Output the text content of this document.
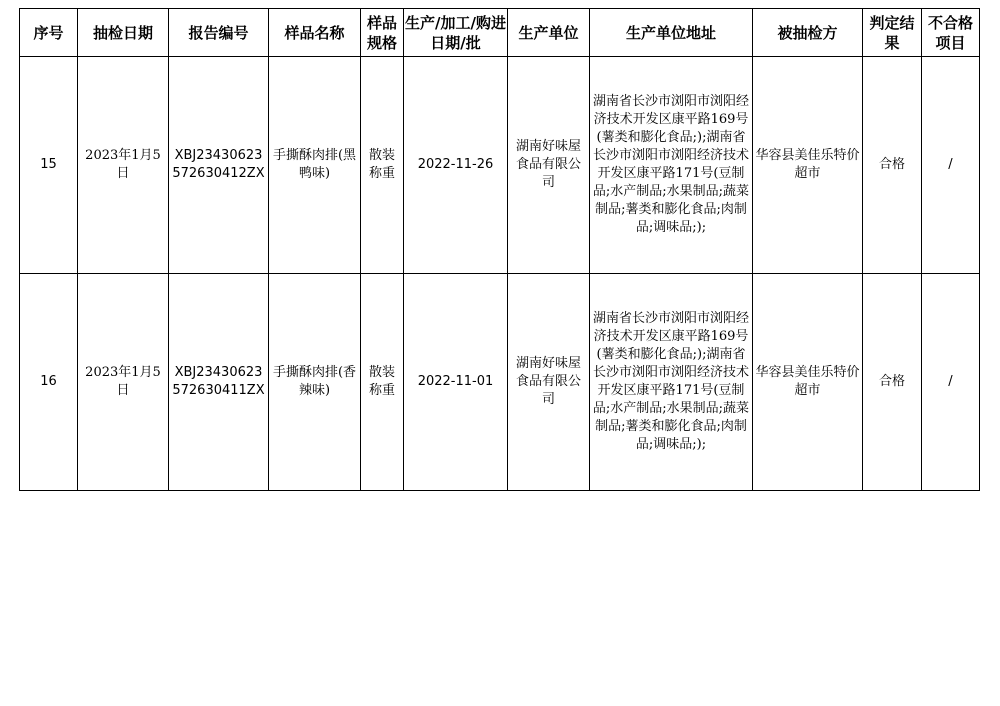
序号	抽检日期	报告编号	样品名称	样品规格	生产/加工/购进日期/批	生产单位	生产单位地址	被抽检方	判定结果	不合格项目
15	2023年1月5日	XBJ23430623572630412ZX	手撕酥肉排(黑鸭味)	散装称重	2022-11-26	湖南好味屋食品有限公司	湖南省长沙市浏阳市浏阳经济技术开发区康平路169号(薯类和膨化食品;);湖南省长沙市浏阳市浏阳经济技术开发区康平路171号(豆制品;水产制品;水果制品;蔬菜制品;薯类和膨化食品;肉制品;调味品;);	华容县美佳乐特价超市	合格	/
16	2023年1月5日	XBJ23430623572630411ZX	手撕酥肉排(香辣味)	散装称重	2022-11-01	湖南好味屋食品有限公司	湖南省长沙市浏阳市浏阳经济技术开发区康平路169号(薯类和膨化食品;);湖南省长沙市浏阳市浏阳经济技术开发区康平路171号(豆制品;水产制品;水果制品;蔬菜制品;薯类和膨化食品;肉制品;调味品;);	华容县美佳乐特价超市	合格	/
